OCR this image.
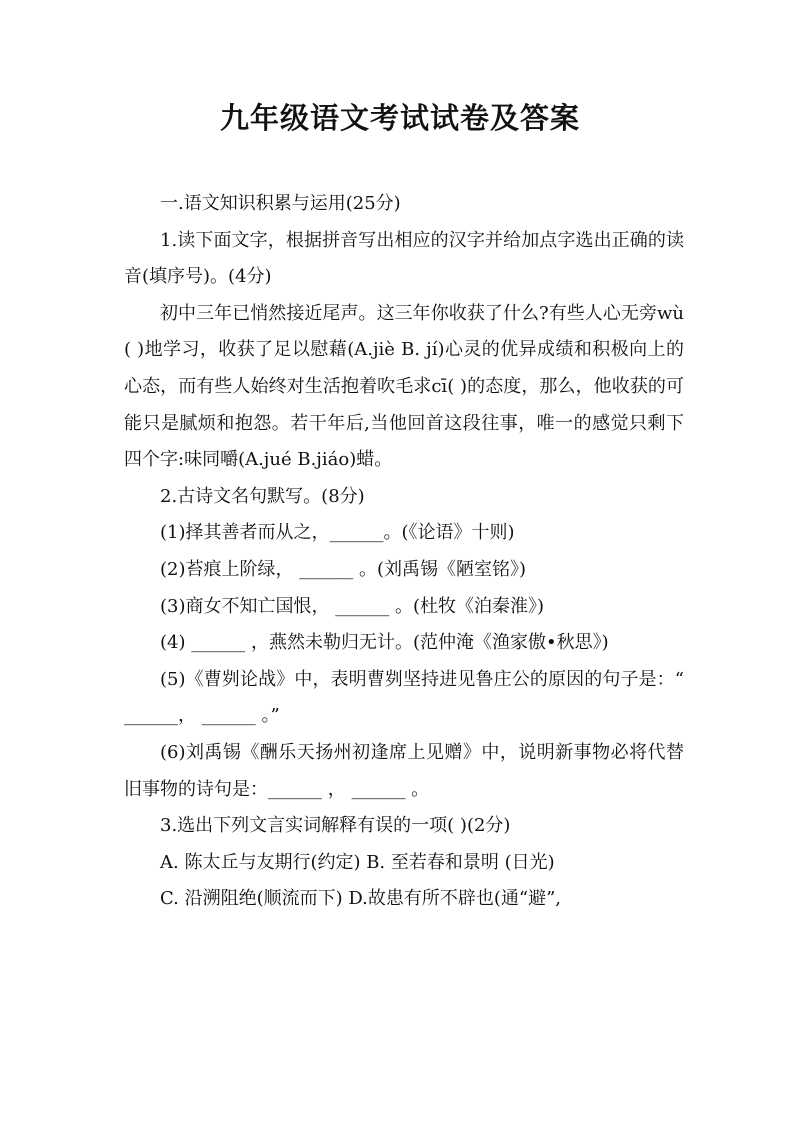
九年级语文考试试卷及答案

一.语文知识积累与运用(25分)

1.读下面文字，根据拼音写出相应的汉字并给加点字选出正确的读音(填序号)。(4分)

初中三年已悄然接近尾声。这三年你收获了什么?有些人心无旁wù( )地学习，收获了足以慰藉(A.jiè B. jí)心灵的优异成绩和积极向上的心态，而有些人始终对生活抱着吹毛求cī( )的态度，那么，他收获的可能只是腻烦和抱怨。若干年后,当他回首这段往事，唯一的感觉只剩下四个字:味同嚼(A.jué B.jiáo)蜡。

2.古诗文名句默写。(8分)

(1)择其善者而从之，______。(《论语》十则)

(2)苔痕上阶绿， ______ 。(刘禹锡《陋室铭》)

(3)商女不知亡国恨， ______ 。(杜牧《泊秦淮》)

(4) ______ ，燕然未勒归无计。(范仲淹《渔家傲•秋思》)

(5)《曹刿论战》中，表明曹刿坚持进见鲁庄公的原因的句子是：“ ______， ______ 。”

(6)刘禹锡《酬乐天扬州初逢席上见赠》中，说明新事物必将代替旧事物的诗句是：______ ， ______ 。

3.选出下列文言实词解释有误的一项( )(2分)

A. 陈太丘与友期行(约定) B. 至若春和景明 (日光)

C. 沿溯阻绝(顺流而下) D.故患有所不辟也(通“避”,
